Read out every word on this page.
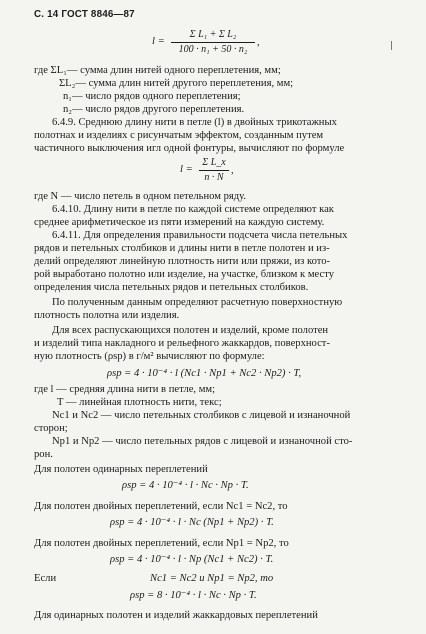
С. 14 ГОСТ 8846—87
$l = \frac{\text{Σ L₁ + Σ L₂}}{\text{100 · n₁ + 50 · n₂}}$ ,
где ΣL₁— сумма длин нитей одного переплетения, мм;
ΣL₂— сумма длин нитей другого переплетения, мм;
n₁— число рядов одного переплетения;
n₂— число рядов другого переплетения.
6.4.9. Среднюю длину нити в петле (l) в двойных трикотажных
полотнах и изделиях с рисунчатым эффектом, созданным путем
частичного выключения игл одной фонтуры, вычисляют по формуле
$l = \frac{\text{Σ L\_x}}{n \cdot N}$ ,
где N — число петель в одном петельном ряду.
6.4.10. Длину нити в петле по каждой системе определяют как
среднее арифметическое из пяти измерений на каждую систему.
6.4.11. Для определения правильности подсчета числа петельных
рядов и петельных столбиков и длины нити в петле полотен и из-
делий определяют линейную плотность нити или пряжи, из кото-
рой выработано полотно или изделие, на участке, близком к месту
определения числа петельных рядов и петельных столбиков.
По полученным данным определяют расчетную поверхностную
плотность полотна или изделия.
Для всех распускающихся полотен и изделий, кроме полотен
и изделий типа накладного и рельефного жаккардов, поверхност-
ную плотность (ρsp) в г/м² вычисляют по формуле:
ρsp = 4 · 10⁻⁴ · l (Nc1 · Np1 + Nc2 · Np2) · T,
где l — средняя длина нити в петле, мм;
T — линейная плотность нити, текс;
Nc1 и Nc2 — число петельных столбиков с лицевой и изнаночной
сторон;
Np1 и Np2 — число петельных рядов с лицевой и изнаночной сто-
рон.
Для полотен одинарных переплетений
ρsp = 4 · 10⁻⁴ · l · Nc · Np · T.
Для полотен двойных переплетений, если Nc1 = Nc2, то
ρsp = 4 · 10⁻⁴ · l · Nc (Np1 + Np2) · T.
Для полотен двойных переплетений, если Np1 = Np2, то
ρsp = 4 · 10⁻⁴ · l · Np (Nc1 + Nc2) · T.
Если	Nc1 = Nc2 и Np1 = Np2, то
ρsp = 8 · 10⁻⁴ · l · Nc · Np · T.
Для одинарных полотен и изделий жаккардовых переплетений
